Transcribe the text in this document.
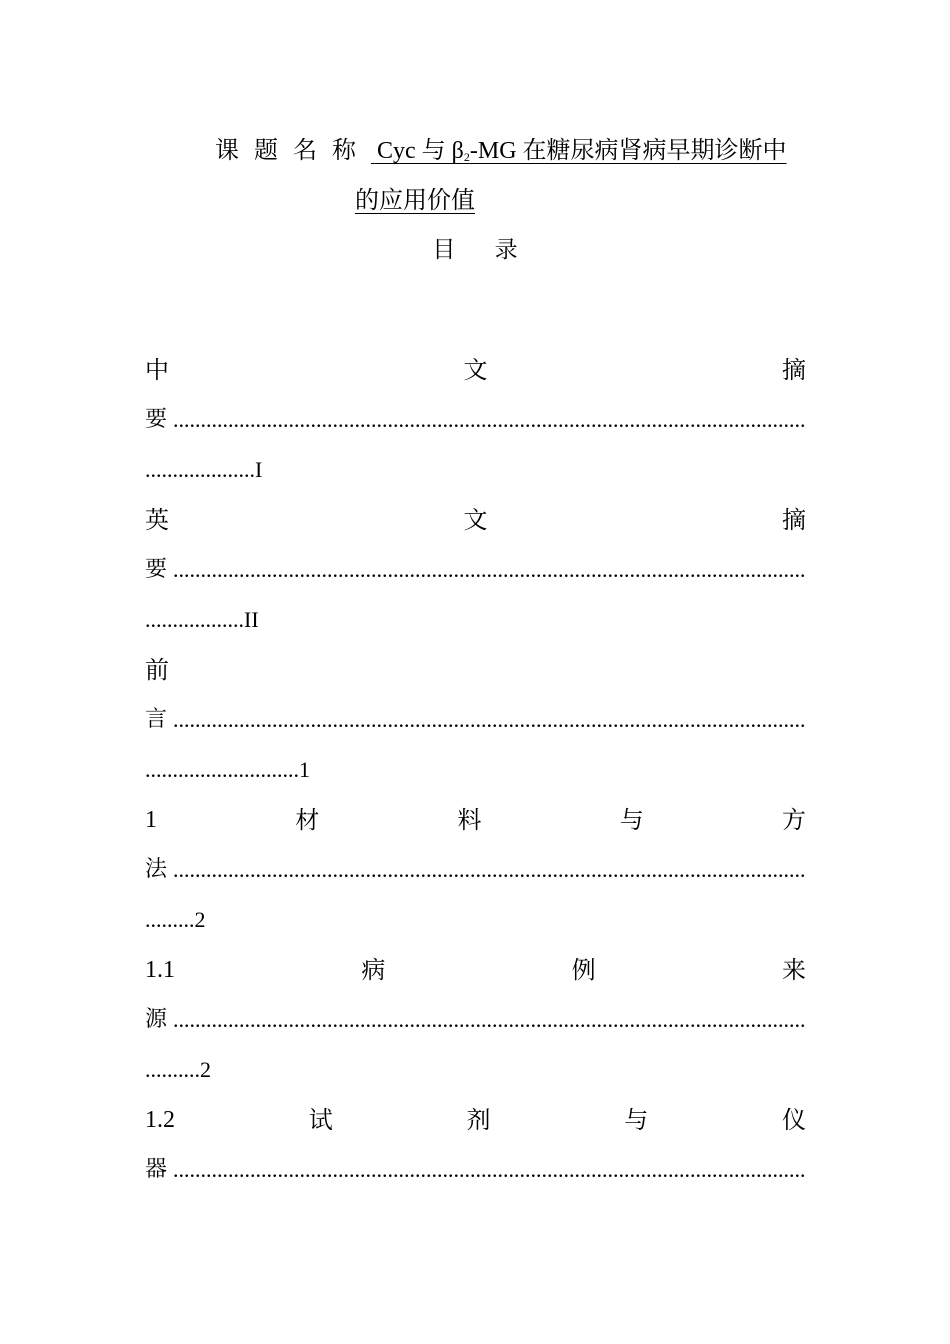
课 题 名 称 Cyc 与 $\beta_2-MG$ 在糖尿病肾病早期诊断中
的应用价值
目 录
中	文	摘
要
.....
.................... I
英	文	摘
要
.....
.................. II
前
言
.....
............................ 1
1	材	料	与	方
法
.....
......... 2
1.1	病	例	来
源
.....
.......... 2
1.2	试	剂	与	仪
器
.....
